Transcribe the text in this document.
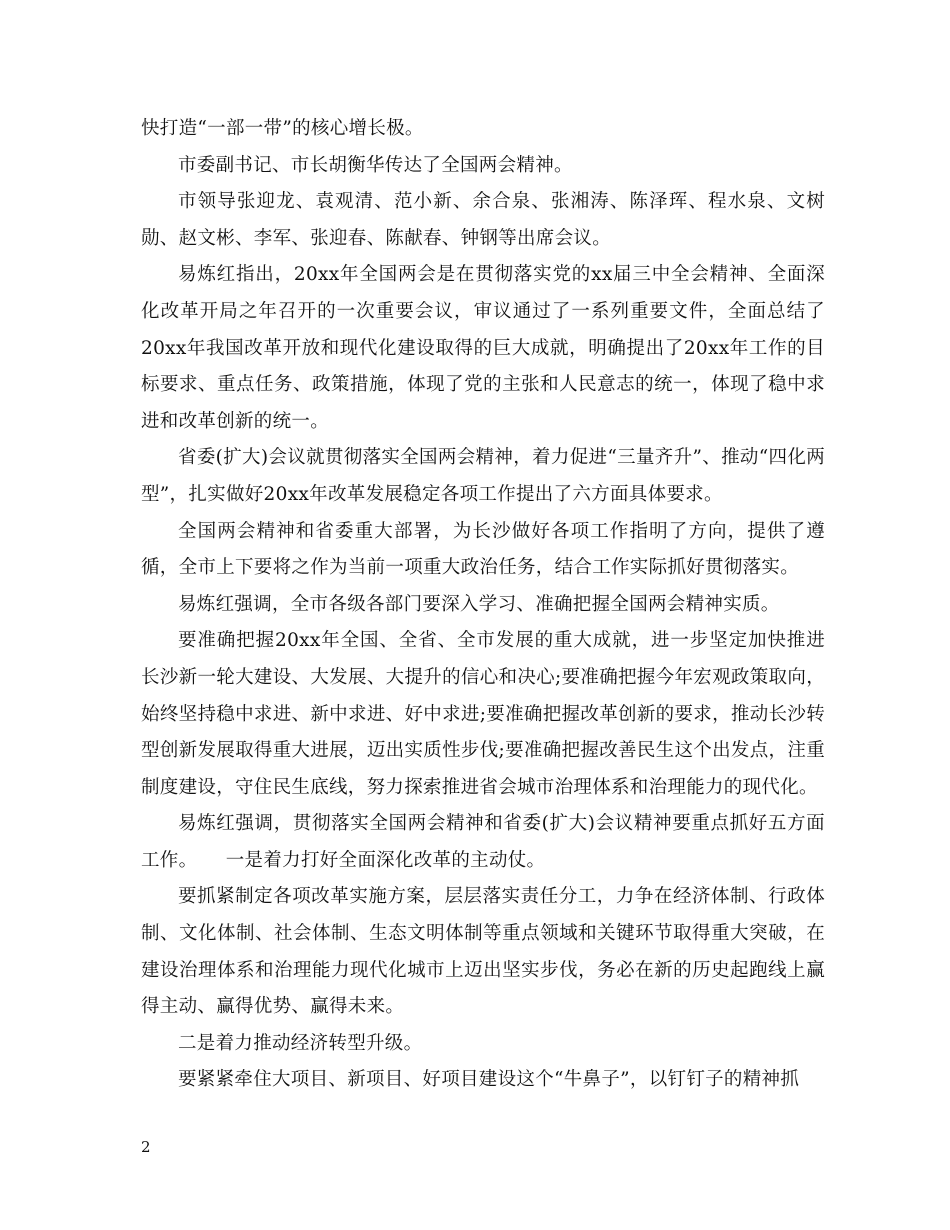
快打造“一部一带”的核心增长极。

市委副书记、市长胡衡华传达了全国两会精神。

市领导张迎龙、袁观清、范小新、余合泉、张湘涛、陈泽珲、程水泉、文树勋、赵文彬、李军、张迎春、陈献春、钟钢等出席会议。

易炼红指出，20xx年全国两会是在贯彻落实党的xx届三中全会精神、全面深化改革开局之年召开的一次重要会议，审议通过了一系列重要文件，全面总结了20xx年我国改革开放和现代化建设取得的巨大成就，明确提出了20xx年工作的目标要求、重点任务、政策措施，体现了党的主张和人民意志的统一，体现了稳中求进和改革创新的统一。

省委(扩大)会议就贯彻落实全国两会精神，着力促进“三量齐升”、推动“四化两型”，扎实做好20xx年改革发展稳定各项工作提出了六方面具体要求。

全国两会精神和省委重大部署，为长沙做好各项工作指明了方向，提供了遵循，全市上下要将之作为当前一项重大政治任务，结合工作实际抓好贯彻落实。

易炼红强调，全市各级各部门要深入学习、准确把握全国两会精神实质。

要准确把握20xx年全国、全省、全市发展的重大成就，进一步坚定加快推进长沙新一轮大建设、大发展、大提升的信心和决心;要准确把握今年宏观政策取向，始终坚持稳中求进、新中求进、好中求进;要准确把握改革创新的要求，推动长沙转型创新发展取得重大进展，迈出实质性步伐;要准确把握改善民生这个出发点，注重制度建设，守住民生底线，努力探索推进省会城市治理体系和治理能力的现代化。

易炼红强调，贯彻落实全国两会精神和省委(扩大)会议精神要重点抓好五方面工作。　　一是着力打好全面深化改革的主动仗。

要抓紧制定各项改革实施方案，层层落实责任分工，力争在经济体制、行政体制、文化体制、社会体制、生态文明体制等重点领域和关键环节取得重大突破，在建设治理体系和治理能力现代化城市上迈出坚实步伐，务必在新的历史起跑线上赢得主动、赢得优势、赢得未来。

二是着力推动经济转型升级。

要紧紧牵住大项目、新项目、好项目建设这个“牛鼻子”，以钉钉子的精神抓

2
